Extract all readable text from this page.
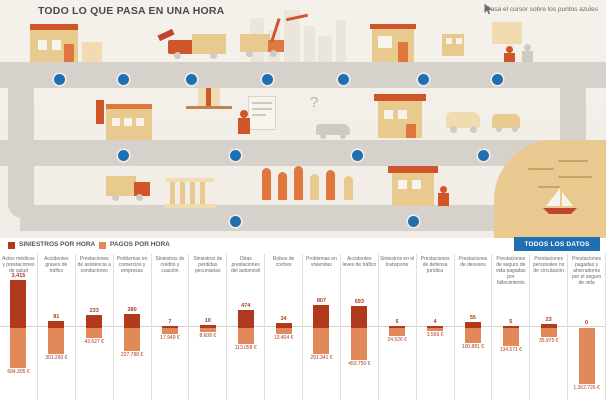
TODO LO QUE PASA EN UNA HORA	Pasa el cursor sobre los puntos azules
?
SINIESTROS POR HORA PAGOS POR HORA	TODOS LOS DATOS
Actos médicos y prestaciones de salud
3.415
684.305 €
Accidentes graves de tráfico
81
301.260 €
Prestaciones de asistencia a conductores
233
43.627 €
Problemas en comercios y empresas
280
227.788 €
Siniestros de crédito y caución
7
17.949 €
Siniestros de pérdidas pecuniarias
10
8.608 €
Otras prestaciones del automóvil
474
113.058 €
Robos de coches
34
13.404 €
Problemas en viviendas
807
291.341 €
Accidentes leves de tráfico
693
453.750 €
Siniestros en el transporte
6
24.526 €
Prestaciones de defensa jurídica
4
3.566 €
Prestaciones de decesos
55
100.881 €
Prestaciones de seguro de vida pagadas por fallecimiento
5
134.571 €
Prestaciones personales no de circulación
23
35.975 €
Prestaciones pagadas y ahorradores por el seguro de vida
0
1.362.726 €
